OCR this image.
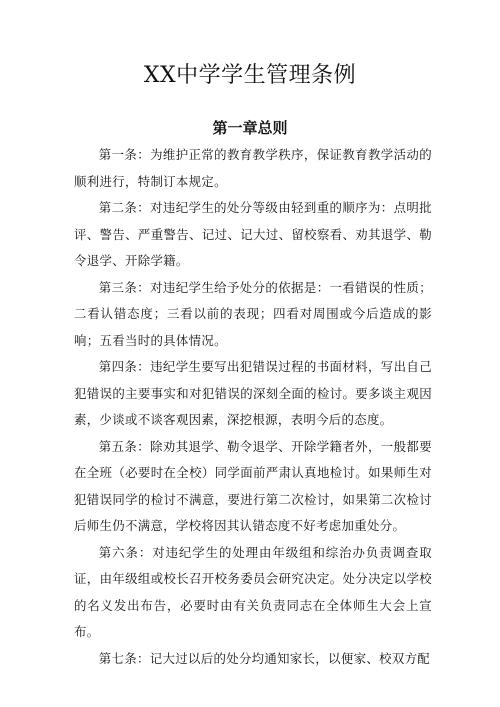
XX中学学生管理条例
第一章总则

第一条：为维护正常的教育教学秩序，保证教育教学活动的顺利进行，特制订本规定。

第二条：对违纪学生的处分等级由轻到重的顺序为：点明批评、警告、严重警告、记过、记大过、留校察看、劝其退学、勒令退学、开除学籍。

第三条：对违纪学生给予处分的依据是：一看错误的性质；二看认错态度；三看以前的表现；四看对周围或今后造成的影响；五看当时的具体情况。

第四条：违纪学生要写出犯错误过程的书面材料，写出自己犯错误的主要事实和对犯错误的深刻全面的检讨。要多谈主观因素，少谈或不谈客观因素，深挖根源，表明今后的态度。

第五条：除劝其退学、勒令退学、开除学籍者外，一般都要在全班（必要时在全校）同学面前严肃认真地检讨。如果师生对犯错误同学的检讨不满意，要进行第二次检讨，如果第二次检讨后师生仍不满意，学校将因其认错态度不好考虑加重处分。

第六条：对违纪学生的处理由年级组和综治办负责调查取证，由年级组或校长召开校务委员会研究决定。处分决定以学校的名义发出布告，必要时由有关负责同志在全体师生大会上宣布。

第七条：记大过以后的处分均通知家长，以便家、校双方配
